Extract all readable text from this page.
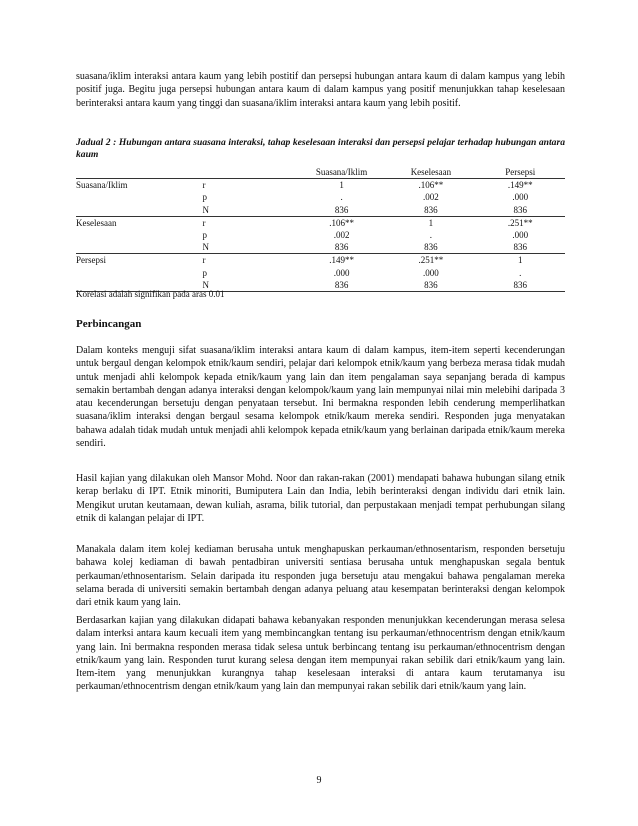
suasana/iklim interaksi antara kaum yang lebih postitif dan persepsi hubungan antara kaum di dalam kampus yang lebih positif juga. Begitu juga persepsi hubungan antara kaum di dalam kampus yang positif menunjukkan tahap keselesaan berinteraksi antara kaum yang tinggi dan suasana/iklim interaksi antara kaum yang lebih positif.

Jadual 2 : Hubungan antara suasana interaksi, tahap keselesaan interaksi dan persepsi pelajar terhadap hubungan antara kaum

		Suasana/Iklim	Keselesaan	Persepsi
Suasana/Iklim	r	1	.106**	.149**
	p	.	.002	.000
	N	836	836	836
Keselesaan	r	.106**	1	.251**
	p	.002	.	.000
	N	836	836	836
Persepsi	r	.149**	.251**	1
	p	.000	.000	.
	N	836	836	836

Korelasi adalah signifikan pada aras 0.01

Perbincangan

Dalam konteks menguji sifat suasana/iklim interaksi antara kaum di dalam kampus, item-item seperti kecenderungan untuk bergaul dengan kelompok etnik/kaum sendiri, pelajar dari kelompok etnik/kaum yang berbeza merasa tidak mudah untuk menjadi ahli kelompok kepada etnik/kaum yang lain dan item pengalaman saya sepanjang berada di kampus semakin bertambah dengan adanya interaksi dengan kelompok/kaum yang lain mempunyai nilai min melebihi daripada 3 atau kecenderungan bersetuju dengan penyataan tersebut. Ini bermakna responden lebih cenderung memperlihatkan suasana/iklim interaksi dengan bergaul sesama kelompok etnik/kaum mereka sendiri. Responden juga menyatakan bahawa adalah tidak mudah untuk menjadi ahli kelompok kepada etnik/kaum yang berlainan daripada etnik/kaum mereka sendiri.

Hasil kajian yang dilakukan oleh Mansor Mohd. Noor dan rakan-rakan (2001) mendapati bahawa hubungan silang etnik kerap berlaku di IPT. Etnik minoriti, Bumiputera Lain dan India, lebih berinteraksi dengan individu dari etnik lain. Mengikut urutan keutamaan, dewan kuliah, asrama, bilik tutorial, dan perpustakaan menjadi tempat perhubungan silang etnik di kalangan pelajar di IPT.

Manakala dalam item kolej kediaman berusaha untuk menghapuskan perkauman/ethnosentarism, responden bersetuju bahawa kolej kediaman di bawah pentadbiran universiti sentiasa berusaha untuk menghapuskan segala bentuk perkauman/ethnosentarism. Selain daripada itu responden juga bersetuju atau mengakui bahawa pengalaman mereka selama berada di universiti semakin bertambah dengan adanya peluang atau kesempatan berinteraksi dengan kelompok dari etnik kaum yang lain.

Berdasarkan kajian yang dilakukan didapati bahawa kebanyakan responden menunjukkan kecenderungan merasa selesa dalam interksi antara kaum kecuali item yang membincangkan tentang isu perkauman/ethnocentrism dengan etnik/kaum yang lain. Ini bermakna responden merasa tidak selesa untuk berbincang tentang isu perkauman/ethnocentrism dengan etnik/kaum yang lain. Responden turut kurang selesa dengan item mempunyai rakan sebilik dari etnik/kaum yang lain. Item-item yang menunjukkan kurangnya tahap keselesaan interaksi di antara kaum terutamanya isu perkauman/ethnocentrism dengan etnik/kaum yang lain dan mempunyai rakan sebilik dari etnik/kaum yang lain.

9
